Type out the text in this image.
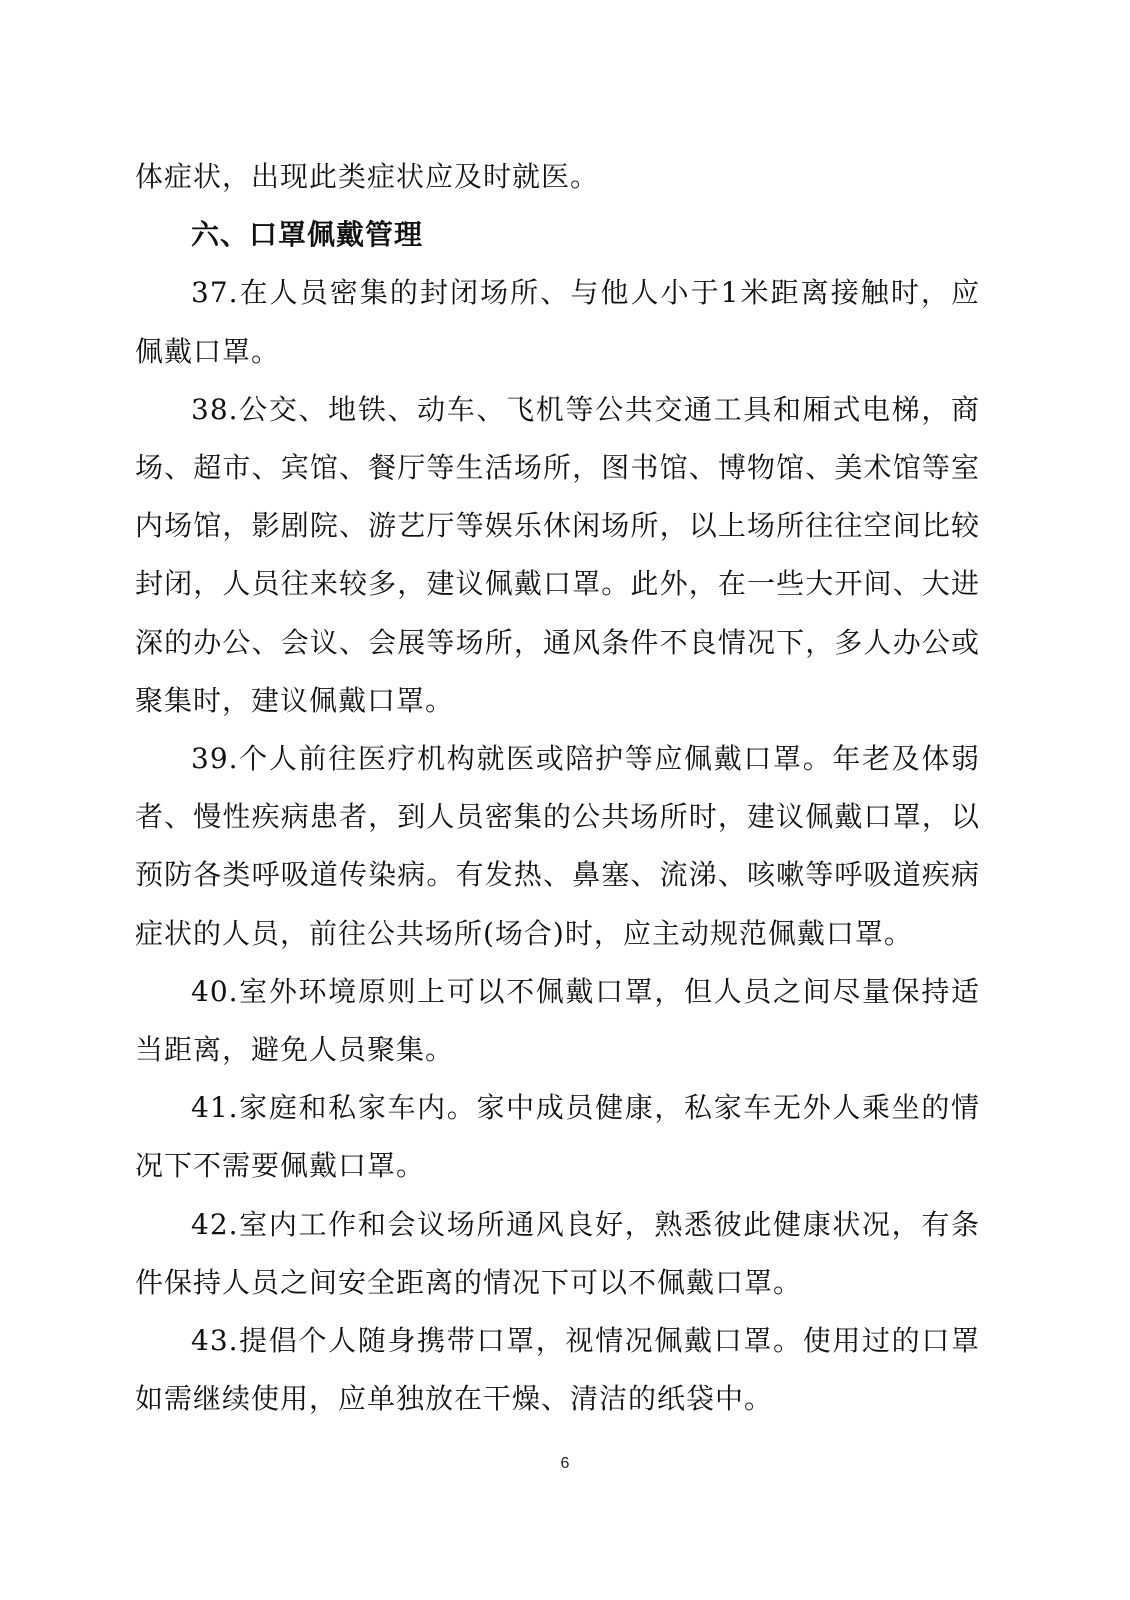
体症状，出现此类症状应及时就医。

六、口罩佩戴管理

37.在人员密集的封闭场所、与他人小于1米距离接触时，应佩戴口罩。

38.公交、地铁、动车、飞机等公共交通工具和厢式电梯，商场、超市、宾馆、餐厅等生活场所，图书馆、博物馆、美术馆等室内场馆，影剧院、游艺厅等娱乐休闲场所，以上场所往往空间比较封闭，人员往来较多，建议佩戴口罩。此外，在一些大开间、大进深的办公、会议、会展等场所，通风条件不良情况下，多人办公或聚集时，建议佩戴口罩。

39.个人前往医疗机构就医或陪护等应佩戴口罩。年老及体弱者、慢性疾病患者，到人员密集的公共场所时，建议佩戴口罩，以预防各类呼吸道传染病。有发热、鼻塞、流涕、咳嗽等呼吸道疾病症状的人员，前往公共场所(场合)时，应主动规范佩戴口罩。

40.室外环境原则上可以不佩戴口罩，但人员之间尽量保持适当距离，避免人员聚集。

41.家庭和私家车内。家中成员健康，私家车无外人乘坐的情况下不需要佩戴口罩。

42.室内工作和会议场所通风良好，熟悉彼此健康状况，有条件保持人员之间安全距离的情况下可以不佩戴口罩。

43.提倡个人随身携带口罩，视情况佩戴口罩。使用过的口罩如需继续使用，应单独放在干燥、清洁的纸袋中。

6
